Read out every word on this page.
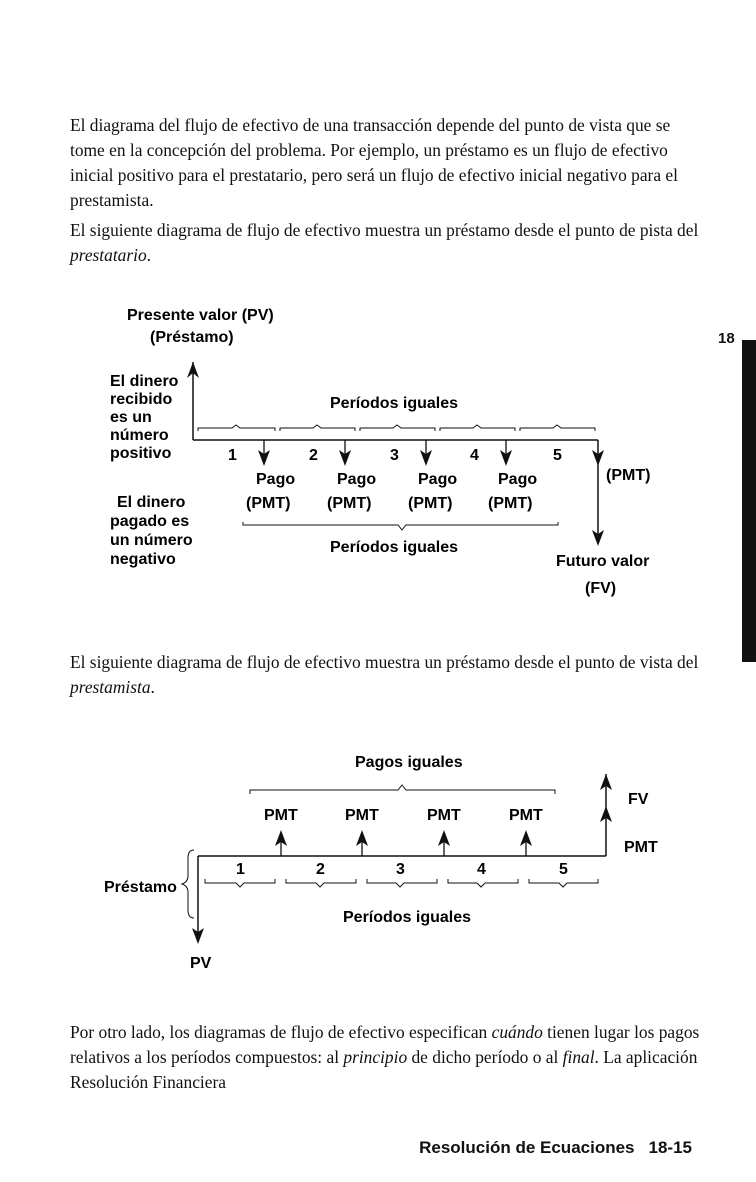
El diagrama del flujo de efectivo de una transacción depende del punto de vista que se tome en la concepción del problema. Por ejemplo, un préstamo es un flujo de efectivo inicial positivo para el prestatario, pero será un flujo de efectivo inicial negativo para el prestamista.

El siguiente diagrama de flujo de efectivo muestra un préstamo desde el punto de pista del prestatario.

Presente valor (PV)
(Préstamo)
El dinero
recibido
es un
número
positivo
Períodos iguales
1	2	3	4	5
Pago	Pago	Pago	Pago
(PMT) (PMT) (PMT) (PMT)
(PMT)
El dinero
pagado es
un número
negativo
Períodos iguales
Futuro valor
(FV)
18

El siguiente diagrama de flujo de efectivo muestra un préstamo desde el punto de vista del prestamista.

Pagos iguales
PMT	PMT	PMT	PMT
FV
PMT
PV
1	2	3	4	5
Préstamo
Períodos iguales

Por otro lado, los diagramas de flujo de efectivo especifican cuándo tienen lugar los pagos relativos a los períodos compuestos: al principio de dicho período o al final. La aplicación Resolución Financiera

Resolución de Ecuaciones 18-15
